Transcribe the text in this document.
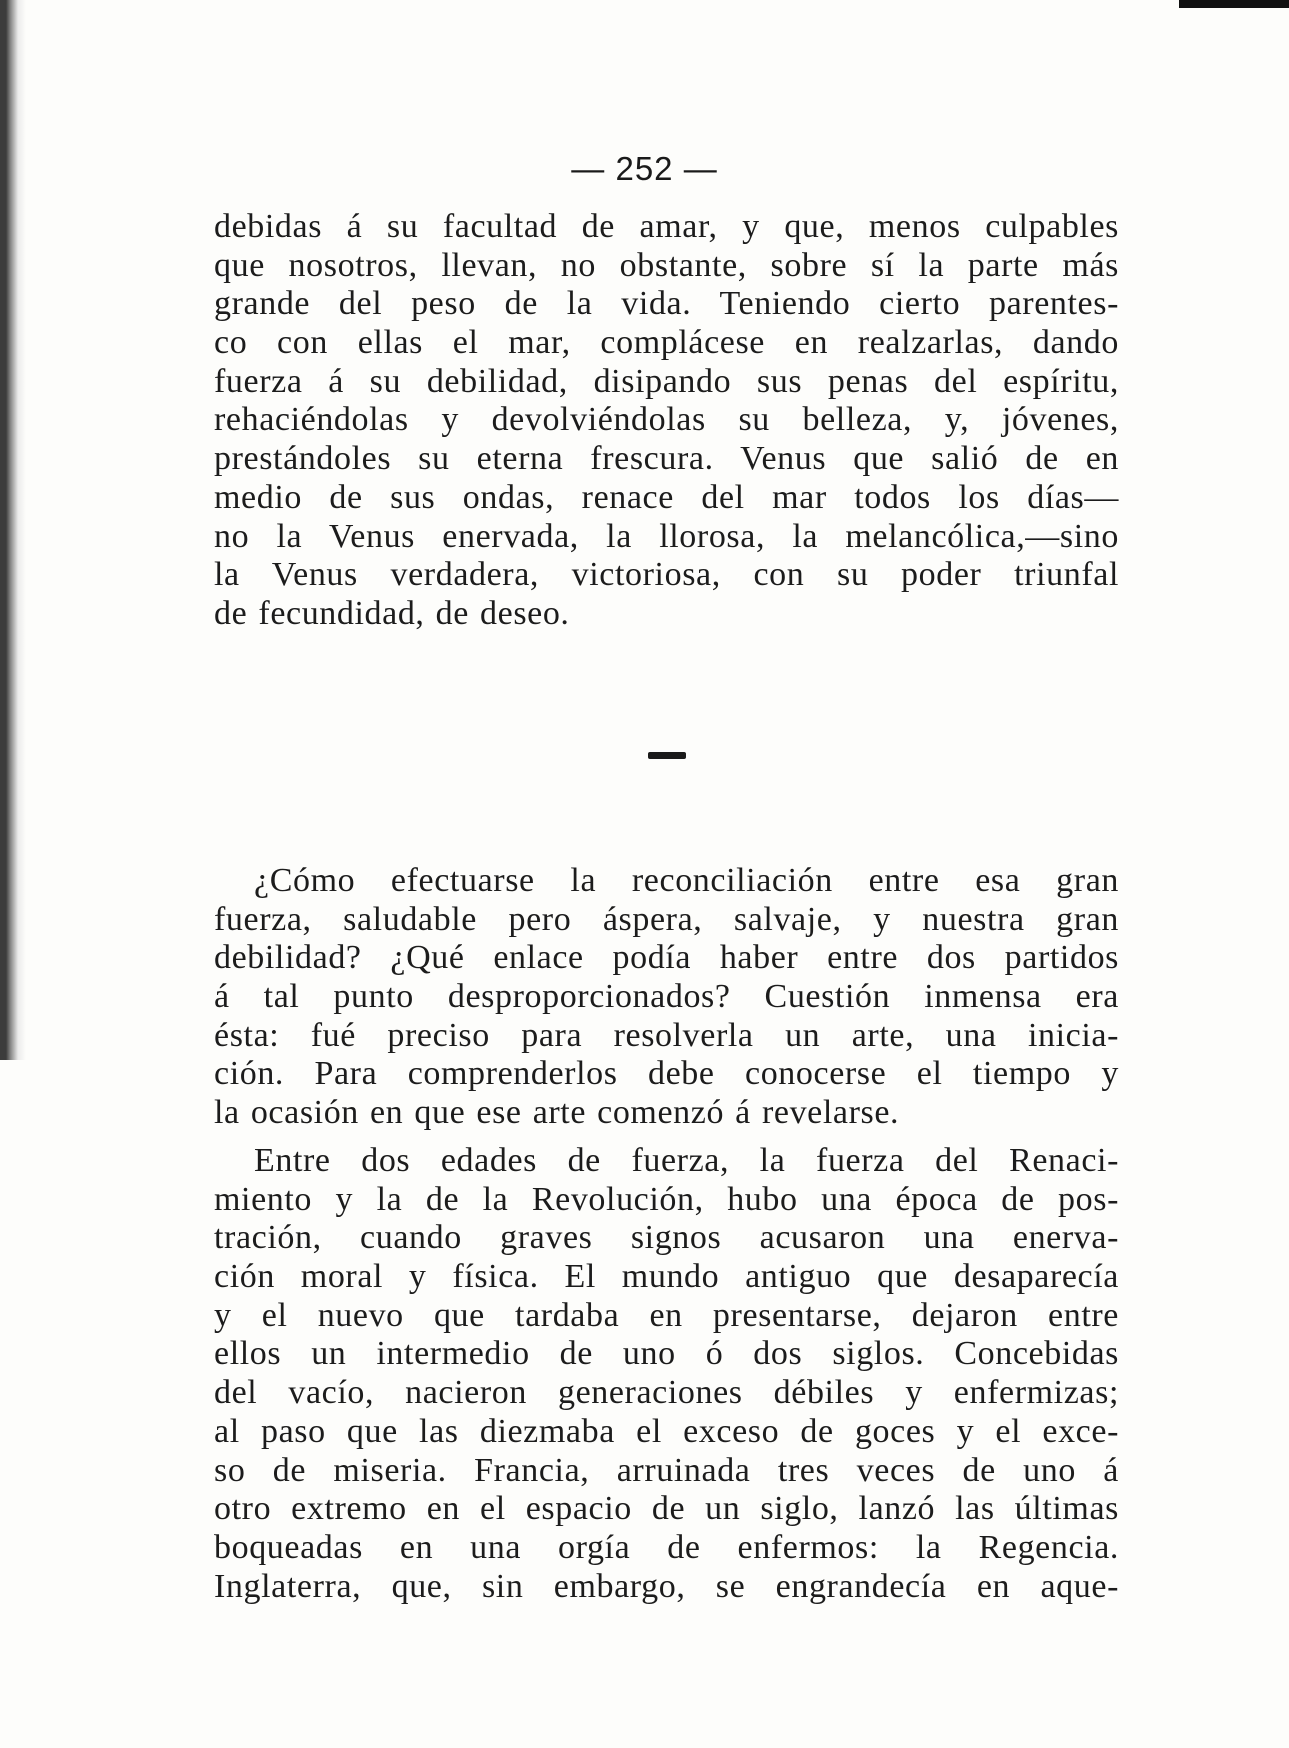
— 252 —

debidas á su facultad de amar, y que, menos culpables
que nosotros, llevan, no obstante, sobre sí la parte más
grande del peso de la vida. Teniendo cierto parentes-
co con ellas el mar, complácese en realzarlas, dando
fuerza á su debilidad, disipando sus penas del espíritu,
rehaciéndolas y devolviéndolas su belleza, y, jóvenes,
prestándoles su eterna frescura. Venus que salió de en
medio de sus ondas, renace del mar todos los días—
no la Venus enervada, la llorosa, la melancólica,—sino
la Venus verdadera, victoriosa, con su poder triunfal
de fecundidad, de deseo.

¿Cómo efectuarse la reconciliación entre esa gran
fuerza, saludable pero áspera, salvaje, y nuestra gran
debilidad? ¿Qué enlace podía haber entre dos partidos
á tal punto desproporcionados? Cuestión inmensa era
ésta: fué preciso para resolverla un arte, una inicia-
ción. Para comprenderlos debe conocerse el tiempo y
la ocasión en que ese arte comenzó á revelarse.

Entre dos edades de fuerza, la fuerza del Renaci-
miento y la de la Revolución, hubo una época de pos-
tración, cuando graves signos acusaron una enerva-
ción moral y física. El mundo antiguo que desaparecía
y el nuevo que tardaba en presentarse, dejaron entre
ellos un intermedio de uno ó dos siglos. Concebidas
del vacío, nacieron generaciones débiles y enfermizas;
al paso que las diezmaba el exceso de goces y el exce-
so de miseria. Francia, arruinada tres veces de uno á
otro extremo en el espacio de un siglo, lanzó las últimas
boqueadas en una orgía de enfermos: la Regencia.
Inglaterra, que, sin embargo, se engrandecía en aque-
